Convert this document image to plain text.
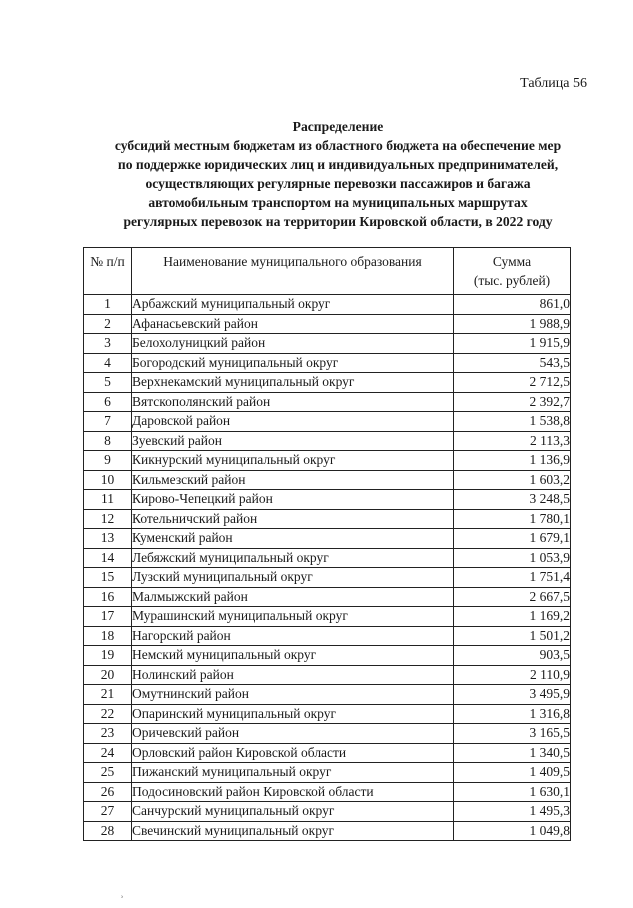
Таблица 56
Распределение
субсидий местным бюджетам из областного бюджета на обеспечение мер
по поддержке юридических лиц и индивидуальных предпринимателей,
осуществляющих регулярные перевозки пассажиров и багажа
автомобильным транспортом на муниципальных маршрутах
регулярных перевозок на территории Кировской области, в 2022 году
№ п/п	Наименование муниципального образования	Сумма
(тыс. рублей)

1	Арбажский муниципальный округ	861,0
2	Афанасьевский район	1 988,9
3	Белохолуницкий район	1 915,9
4	Богородский муниципальный округ	543,5
5	Верхнекамский муниципальный округ	2 712,5
6	Вятскополянский район	2 392,7
7	Даровской район	1 538,8
8	Зуевский район	2 113,3
9	Кикнурский муниципальный округ	1 136,9
10	Кильмезский район	1 603,2
11	Кирово-Чепецкий район	3 248,5
12	Котельничский район	1 780,1
13	Куменский район	1 679,1
14	Лебяжский муниципальный округ	1 053,9
15	Лузский муниципальный округ	1 751,4
16	Малмыжский район	2 667,5
17	Мурашинский муниципальный округ	1 169,2
18	Нагорский район	1 501,2
19	Немский муниципальный округ	903,5
20	Нолинский район	2 110,9
21	Омутнинский район	3 495,9
22	Опаринский муниципальный округ	1 316,8
23	Оричевский район	3 165,5
24	Орловский район Кировской области	1 340,5
25	Пижанский муниципальный округ	1 409,5
26	Подосиновский район Кировской области	1 630,1
27	Санчурский муниципальный округ	1 495,3
28	Свечинский муниципальный округ	1 049,8
ʾ
